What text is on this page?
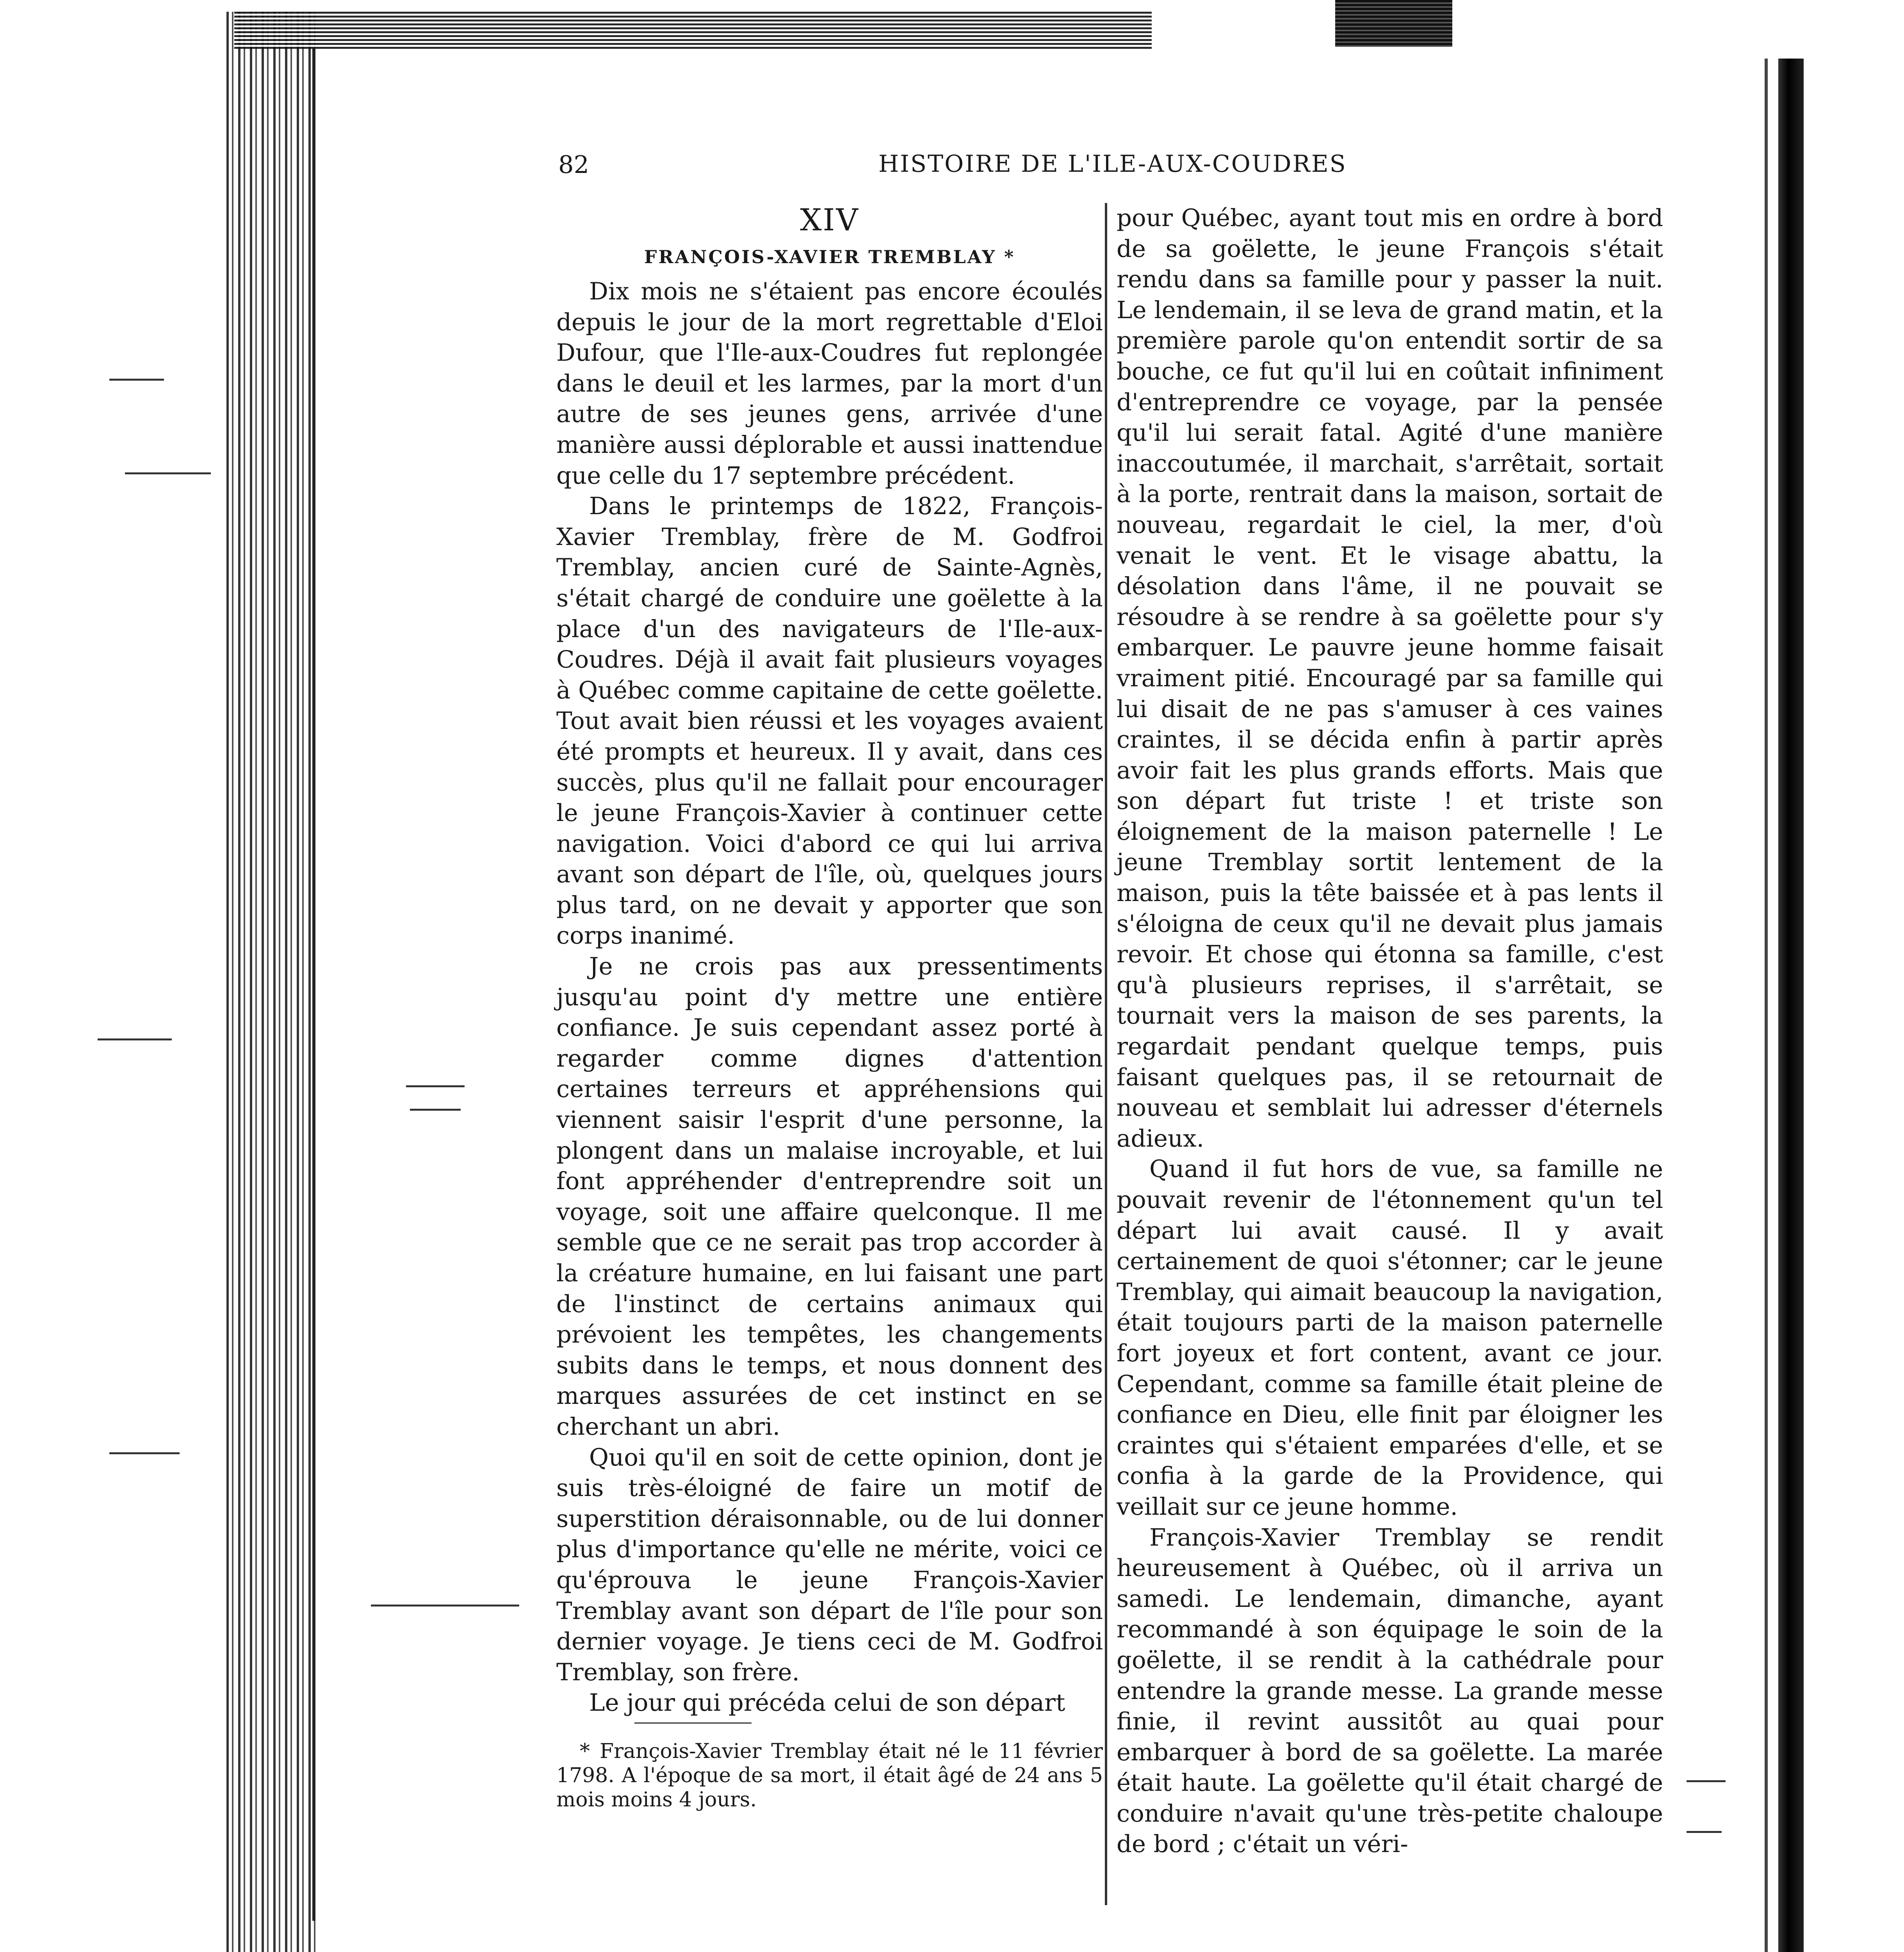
82	HISTOIRE DE L'ILE-AUX-COUDRES
XIV
FRANÇOIS-XAVIER TREMBLAY *

Dix mois ne s'étaient pas encore écoulés depuis le jour de la mort regrettable d'Eloi Dufour, que l'Ile-aux-Coudres fut replongée dans le deuil et les larmes, par la mort d'un autre de ses jeunes gens, arrivée d'une manière aussi déplorable et aussi inattendue que celle du 17 septembre précédent.

Dans le printemps de 1822, François-Xavier Tremblay, frère de M. Godfroi Tremblay, ancien curé de Sainte-Agnès, s'était chargé de conduire une goëlette à la place d'un des navigateurs de l'Ile-aux-Coudres. Déjà il avait fait plusieurs voyages à Québec comme capitaine de cette goëlette. Tout avait bien réussi et les voyages avaient été prompts et heureux. Il y avait, dans ces succès, plus qu'il ne fallait pour encourager le jeune François-Xavier à continuer cette navigation. Voici d'abord ce qui lui arriva avant son départ de l'île, où, quelques jours plus tard, on ne devait y apporter que son corps inanimé.

Je ne crois pas aux pressentiments jusqu'au point d'y mettre une entière confiance. Je suis cependant assez porté à regarder comme dignes d'attention certaines terreurs et appréhensions qui viennent saisir l'esprit d'une personne, la plongent dans un malaise incroyable, et lui font appréhender d'entreprendre soit un voyage, soit une affaire quelconque. Il me semble que ce ne serait pas trop accorder à la créature humaine, en lui faisant une part de l'instinct de certains animaux qui prévoient les tempêtes, les changements subits dans le temps, et nous donnent des marques assurées de cet instinct en se cherchant un abri.

Quoi qu'il en soit de cette opinion, dont je suis très-éloigné de faire un motif de superstition déraisonnable, ou de lui donner plus d'importance qu'elle ne mérite, voici ce qu'éprouva le jeune François-Xavier Tremblay avant son départ de l'île pour son dernier voyage. Je tiens ceci de M. Godfroi Tremblay, son frère.

Le jour qui précéda celui de son départ

* François-Xavier Tremblay était né le 11 février 1798. A l'époque de sa mort, il était âgé de 24 ans 5 mois moins 4 jours.

pour Québec, ayant tout mis en ordre à bord de sa goëlette, le jeune François s'était rendu dans sa famille pour y passer la nuit. Le lendemain, il se leva de grand matin, et la première parole qu'on entendit sortir de sa bouche, ce fut qu'il lui en coûtait infiniment d'entreprendre ce voyage, par la pensée qu'il lui serait fatal. Agité d'une manière inaccoutumée, il marchait, s'arrêtait, sortait à la porte, rentrait dans la maison, sortait de nouveau, regardait le ciel, la mer, d'où venait le vent. Et le visage abattu, la désolation dans l'âme, il ne pouvait se résoudre à se rendre à sa goëlette pour s'y embarquer. Le pauvre jeune homme faisait vraiment pitié. Encouragé par sa famille qui lui disait de ne pas s'amuser à ces vaines craintes, il se décida enfin à partir après avoir fait les plus grands efforts. Mais que son départ fut triste ! et triste son éloignement de la maison paternelle ! Le jeune Tremblay sortit lentement de la maison, puis la tête baissée et à pas lents il s'éloigna de ceux qu'il ne devait plus jamais revoir. Et chose qui étonna sa famille, c'est qu'à plusieurs reprises, il s'arrêtait, se tournait vers la maison de ses parents, la regardait pendant quelque temps, puis faisant quelques pas, il se retournait de nouveau et semblait lui adresser d'éternels adieux.

Quand il fut hors de vue, sa famille ne pouvait revenir de l'étonnement qu'un tel départ lui avait causé. Il y avait certainement de quoi s'étonner; car le jeune Tremblay, qui aimait beaucoup la navigation, était toujours parti de la maison paternelle fort joyeux et fort content, avant ce jour. Cependant, comme sa famille était pleine de confiance en Dieu, elle finit par éloigner les craintes qui s'étaient emparées d'elle, et se confia à la garde de la Providence, qui veillait sur ce jeune homme.

François-Xavier Tremblay se rendit heureusement à Québec, où il arriva un samedi. Le lendemain, dimanche, ayant recommandé à son équipage le soin de la goëlette, il se rendit à la cathédrale pour entendre la grande messe. La grande messe finie, il revint aussitôt au quai pour embarquer à bord de sa goëlette. La marée était haute. La goëlette qu'il était chargé de conduire n'avait qu'une très-petite chaloupe de bord ; c'était un véri-
